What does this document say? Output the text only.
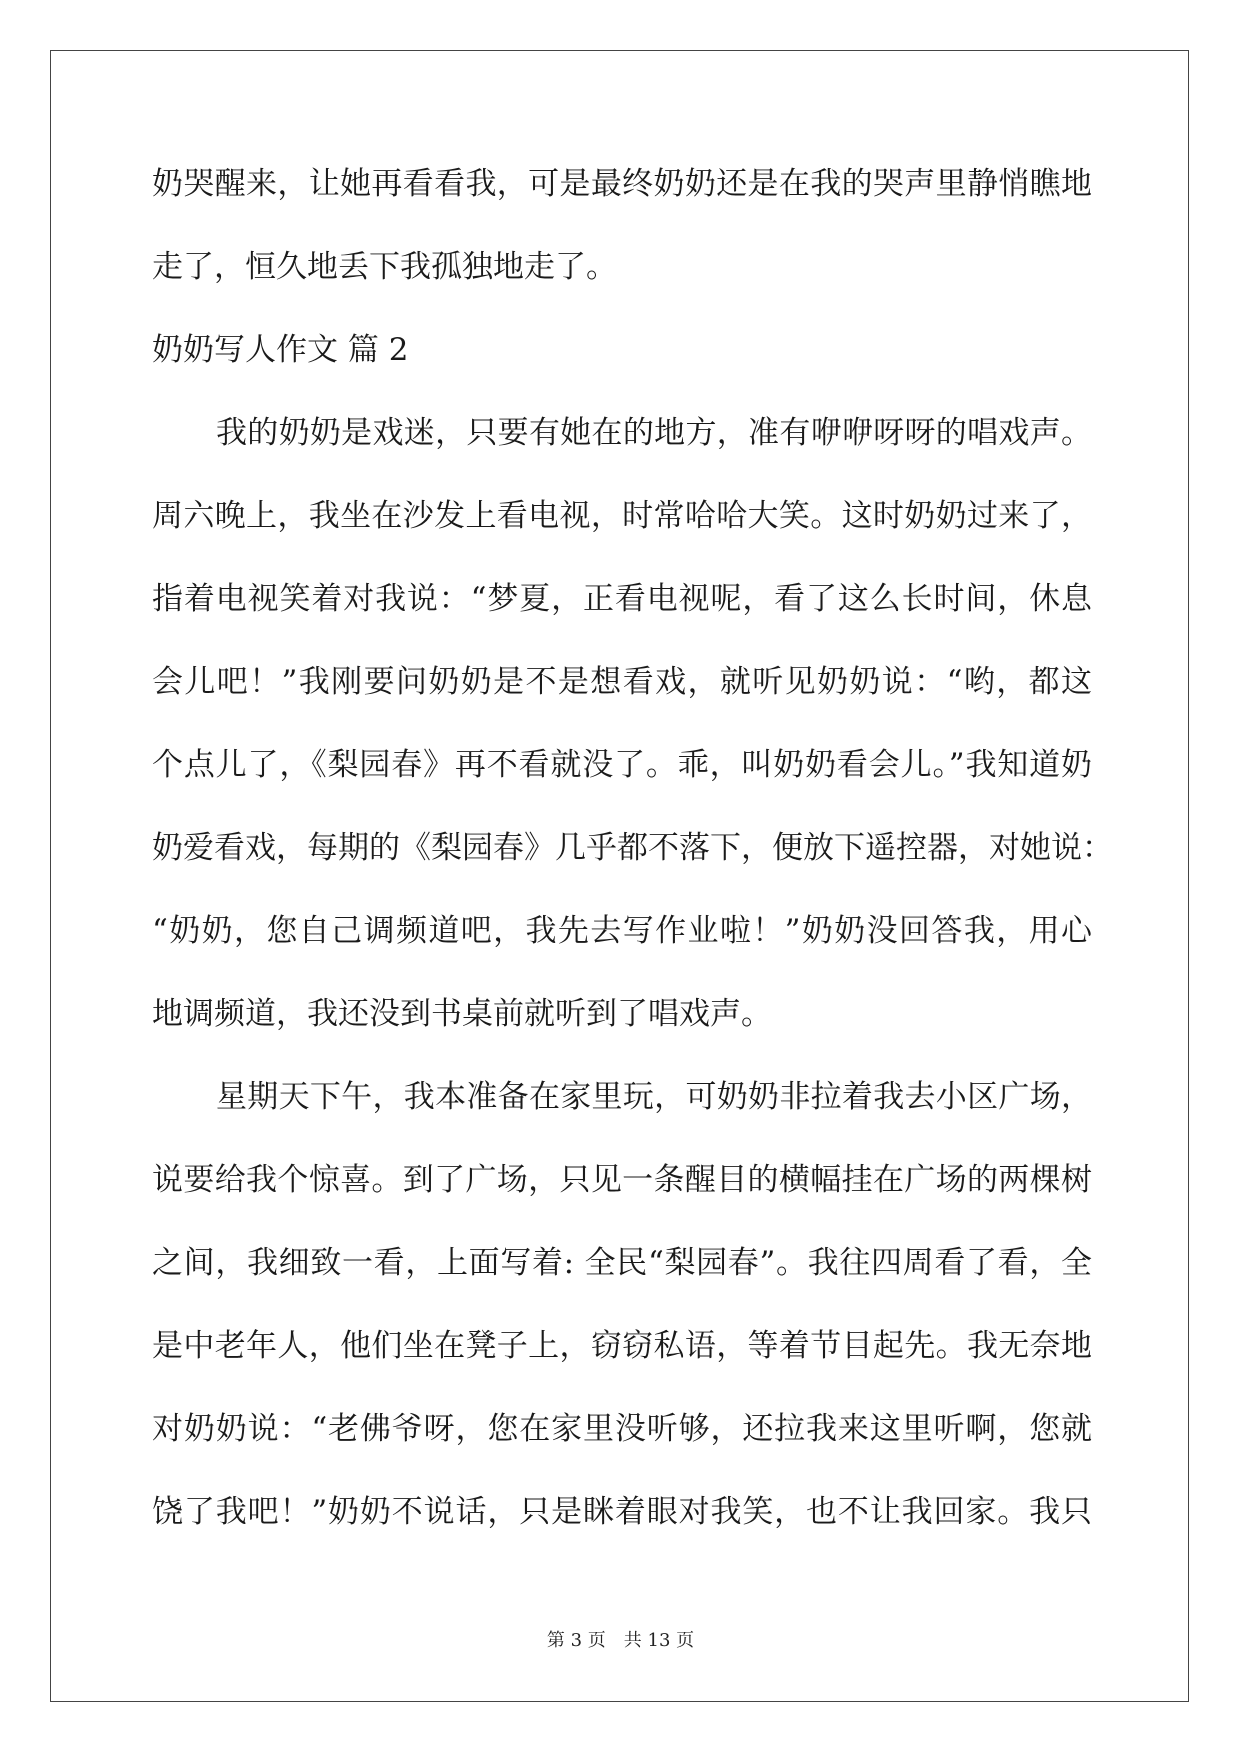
奶哭醒来，让她再看看我，可是最终奶奶还是在我的哭声里静悄瞧地
走了，恒久地丢下我孤独地走了。
奶奶写人作文 篇 2
我的奶奶是戏迷，只要有她在的地方，准有咿咿呀呀的唱戏声。
周六晚上，我坐在沙发上看电视，时常哈哈大笑。这时奶奶过来了，
指着电视笑着对我说：“梦夏，正看电视呢，看了这么长时间，休息
会儿吧！”我刚要问奶奶是不是想看戏，就听见奶奶说：“哟，都这
个点儿了，《梨园春》再不看就没了。乖，叫奶奶看会儿。”我知道奶
奶爱看戏，每期的《梨园春》几乎都不落下，便放下遥控器，对她说：
“奶奶，您自己调频道吧，我先去写作业啦！”奶奶没回答我，用心
地调频道，我还没到书桌前就听到了唱戏声。
星期天下午，我本准备在家里玩，可奶奶非拉着我去小区广场，
说要给我个惊喜。到了广场，只见一条醒目的横幅挂在广场的两棵树
之间，我细致一看，上面写着: 全民“梨园春”。我往四周看了看，全
是中老年人，他们坐在凳子上，窃窃私语，等着节目起先。我无奈地
对奶奶说：“老佛爷呀，您在家里没听够，还拉我来这里听啊，您就
饶了我吧！”奶奶不说话，只是眯着眼对我笑，也不让我回家。我只
第 3 页　共 13 页
